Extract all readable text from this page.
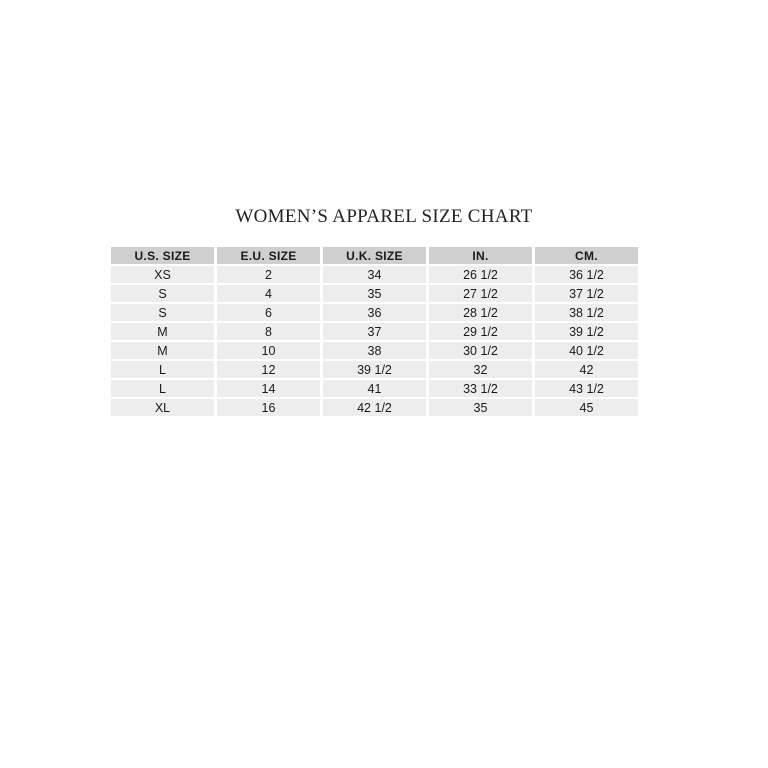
WOMEN’S APPAREL SIZE CHART
U.S. SIZE	E.U. SIZE	U.K. SIZE	IN.	CM.
XS	2	34	26 1/2	36 1/2
S	4	35	27 1/2	37 1/2
S	6	36	28 1/2	38 1/2
M	8	37	29 1/2	39 1/2
M	10	38	30 1/2	40 1/2
L	12	39 1/2	32	42
L	14	41	33 1/2	43 1/2
XL	16	42 1/2	35	45
